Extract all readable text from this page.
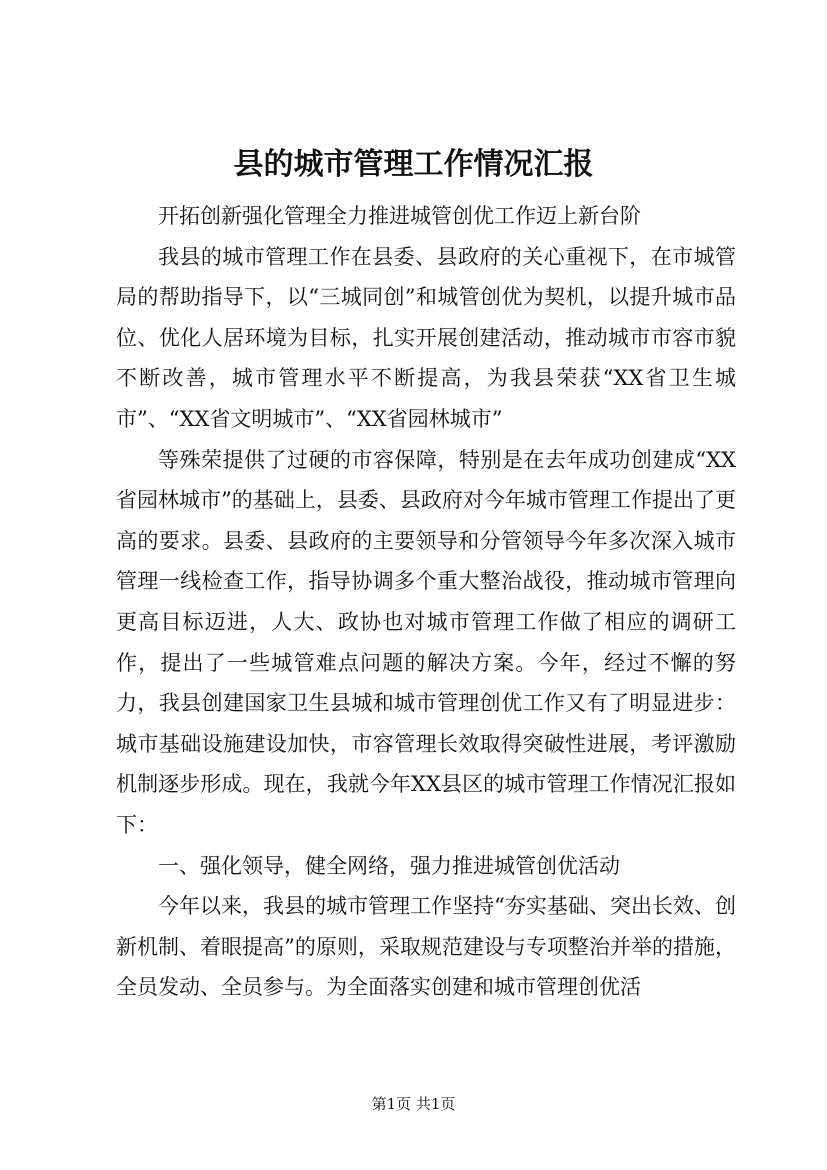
县的城市管理工作情况汇报

开拓创新强化管理全力推进城管创优工作迈上新台阶

我县的城市管理工作在县委、县政府的关心重视下，在市城管局的帮助指导下，以“三城同创”和城管创优为契机，以提升城市品位、优化人居环境为目标，扎实开展创建活动，推动城市市容市貌不断改善，城市管理水平不断提高，为我县荣获“XX省卫生城市”、“XX省文明城市”、“XX省园林城市”

等殊荣提供了过硬的市容保障，特别是在去年成功创建成“XX省园林城市”的基础上，县委、县政府对今年城市管理工作提出了更高的要求。县委、县政府的主要领导和分管领导今年多次深入城市管理一线检查工作，指导协调多个重大整治战役，推动城市管理向更高目标迈进，人大、政协也对城市管理工作做了相应的调研工作，提出了一些城管难点问题的解决方案。今年，经过不懈的努力，我县创建国家卫生县城和城市管理创优工作又有了明显进步：城市基础设施建设加快，市容管理长效取得突破性进展，考评激励机制逐步形成。现在，我就今年XX县区的城市管理工作情况汇报如下：

一、强化领导，健全网络，强力推进城管创优活动

今年以来，我县的城市管理工作坚持“夯实基础、突出长效、创新机制、着眼提高”的原则，采取规范建设与专项整治并举的措施，全员发动、全员参与。为全面落实创建和城市管理创优活

第1页 共1页
